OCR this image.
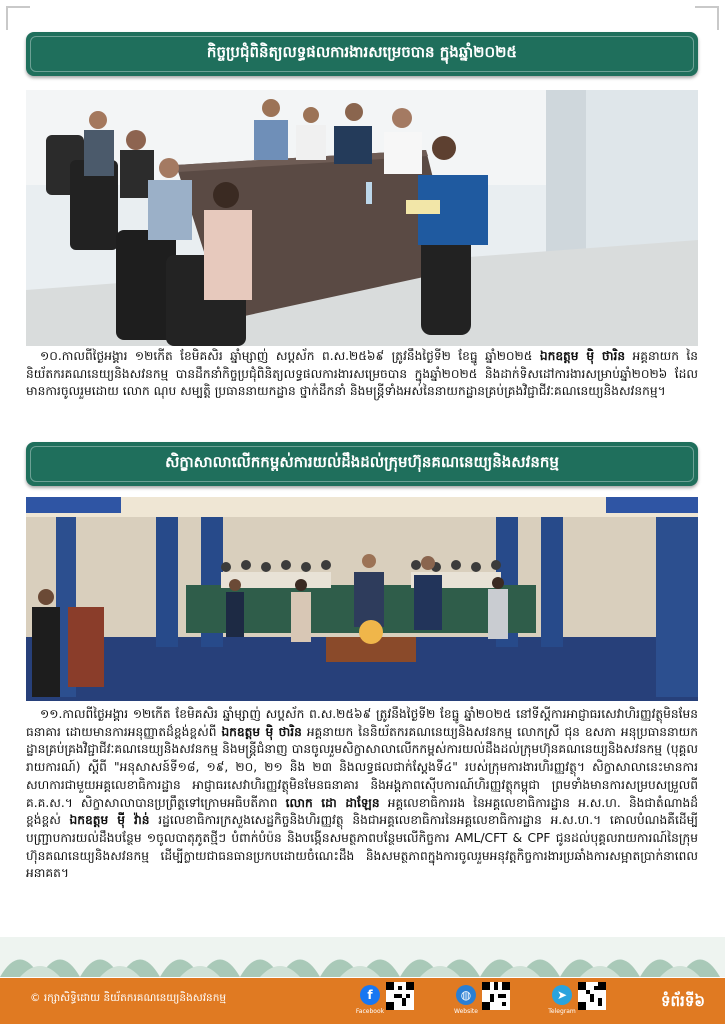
កិច្ចប្រជុំពិនិត្យលទ្ធផលការងារសម្រេចបាន ក្នុងឆ្នាំ២០២៥
១០.កាលពីថ្ងៃអង្គារ ១២កើត ខែមិគសិរ ឆ្នាំម្សាញ់ សប្តស័ក ព.ស.២៥៦៩ ត្រូវនឹងថ្ងៃទី២ ខែធ្នូ ឆ្នាំ២០២៥ ឯកឧត្តម ម៉ិ ថារិន អគ្គនាយក នៃនិយ័តករគណនេយ្យនិងសវនកម្ម បានដឹកនាំកិច្ចប្រជុំពិនិត្យលទ្ធផលការងារសម្រេចបាន ក្នុងឆ្នាំ២០២៥ និងដាក់ទិសដៅការងារសម្រាប់ឆ្នាំ២០២៦ ដែលមានការចូលរួមដោយ លោក ណុប សម្បត្តិ ប្រធាននាយកដ្ឋាន ថ្នាក់ដឹកនាំ និងមន្ត្រីទាំងអស់នៃនាយកដ្ឋានគ្រប់គ្រងវិជ្ជាជីវៈគណនេយ្យនិងសវនកម្ម។
សិក្ខាសាលាលើកកម្ពស់ការយល់ដឹងដល់ក្រុមហ៊ុនគណនេយ្យនិងសវនកម្ម
១១.កាលពីថ្ងៃអង្គារ ១២កើត ខែមិគសិរ ឆ្នាំម្សាញ់ សប្តស័ក ព.ស.២៥៦៩ ត្រូវនឹងថ្ងៃទី២ ខែធ្នូ ឆ្នាំ២០២៥ នៅទីស្តីការអាជ្ញាធរសេវាហិរញ្ញវត្ថុមិនមែនធនាគារ ដោយមានការអនុញ្ញាតដ៏ខ្ពង់ខ្ពស់ពី ឯកឧត្តម ម៉ិ ថារិន អគ្គនាយក នៃនិយ័តករគណនេយ្យនិងសវនកម្ម លោកស្រី ជុន ឧសភា អនុប្រធាននាយកដ្ឋានគ្រប់គ្រងវិជ្ជាជីវៈគណនេយ្យនិងសវនកម្ម និងមន្ត្រីជំនាញ បានចូលរួមសិក្ខាសាលាលើកកម្ពស់ការយល់ដឹងដល់ក្រុមហ៊ុនគណនេយ្យនិងសវនកម្ម (បុគ្គលរាយការណ៍) ស្តីពី "អនុសាសន៍ទី១៨, ១៩, ២០, ២១ និង ២៣ និងលទ្ធផលជាក់ស្តែងទី៤" របស់ក្រុមការងារហិរញ្ញវត្ថុ។ សិក្ខាសាលានេះមានការសហការជាមួយអគ្គលេខាធិការដ្ឋាន អាជ្ញាធរសេវាហិរញ្ញវត្ថុមិនមែនធនាគារ និងអង្គភាពស៊ើបការណ៍ហិរញ្ញវត្ថុកម្ពុជា ព្រមទាំងមានការសម្របសម្រួលពី គ.គ.ស.។ សិក្ខាសាលាបានប្រព្រឹត្តទៅក្រោមអធិបតីភាព លោក ដោ ដាឡែន អគ្គលេខាធិការរង នៃអគ្គលេខាធិការដ្ឋាន អ.ស.ហ. និងជាតំណាងដ៏ខ្ពង់ខ្ពស់ ឯកឧត្តម ម៉ី វ៉ាន់ រដ្ឋលេខាធិការក្រសួងសេដ្ឋកិច្ចនិងហិរញ្ញវត្ថុ និងជាអគ្គលេខាធិការនៃអគ្គលេខាធិការដ្ឋាន អ.ស.ហ.។ គោលបំណងគឺដើម្បីបញ្ជ្រាបការយល់ដឹងបន្ថែម ១ចូលបាតុភូតថ្មីៗ បំពាក់បំប៉ន និងបង្កើនសមត្ថភាពបន្ថែមលើកិច្ចការ AML/CFT & CPF ជូនដល់បុគ្គលរាយការណ៍នៃក្រុមហ៊ុនគណនេយ្យនិងសវនកម្ម ដើម្បីក្លាយជាធនធានប្រកបដោយចំណេះដឹង និងសមត្ថភាពក្នុងការចូលរួមអនុវត្តកិច្ចការងារប្រឆាំងការសម្អាតប្រាក់នាពេលអនាគត។
© រក្សាសិទ្ធិដោយ និយ័តករគណនេយ្យនិងសវនកម្ម	f
Facebook
◍
Website
➤
Telegram
ទំព័រទី៦
